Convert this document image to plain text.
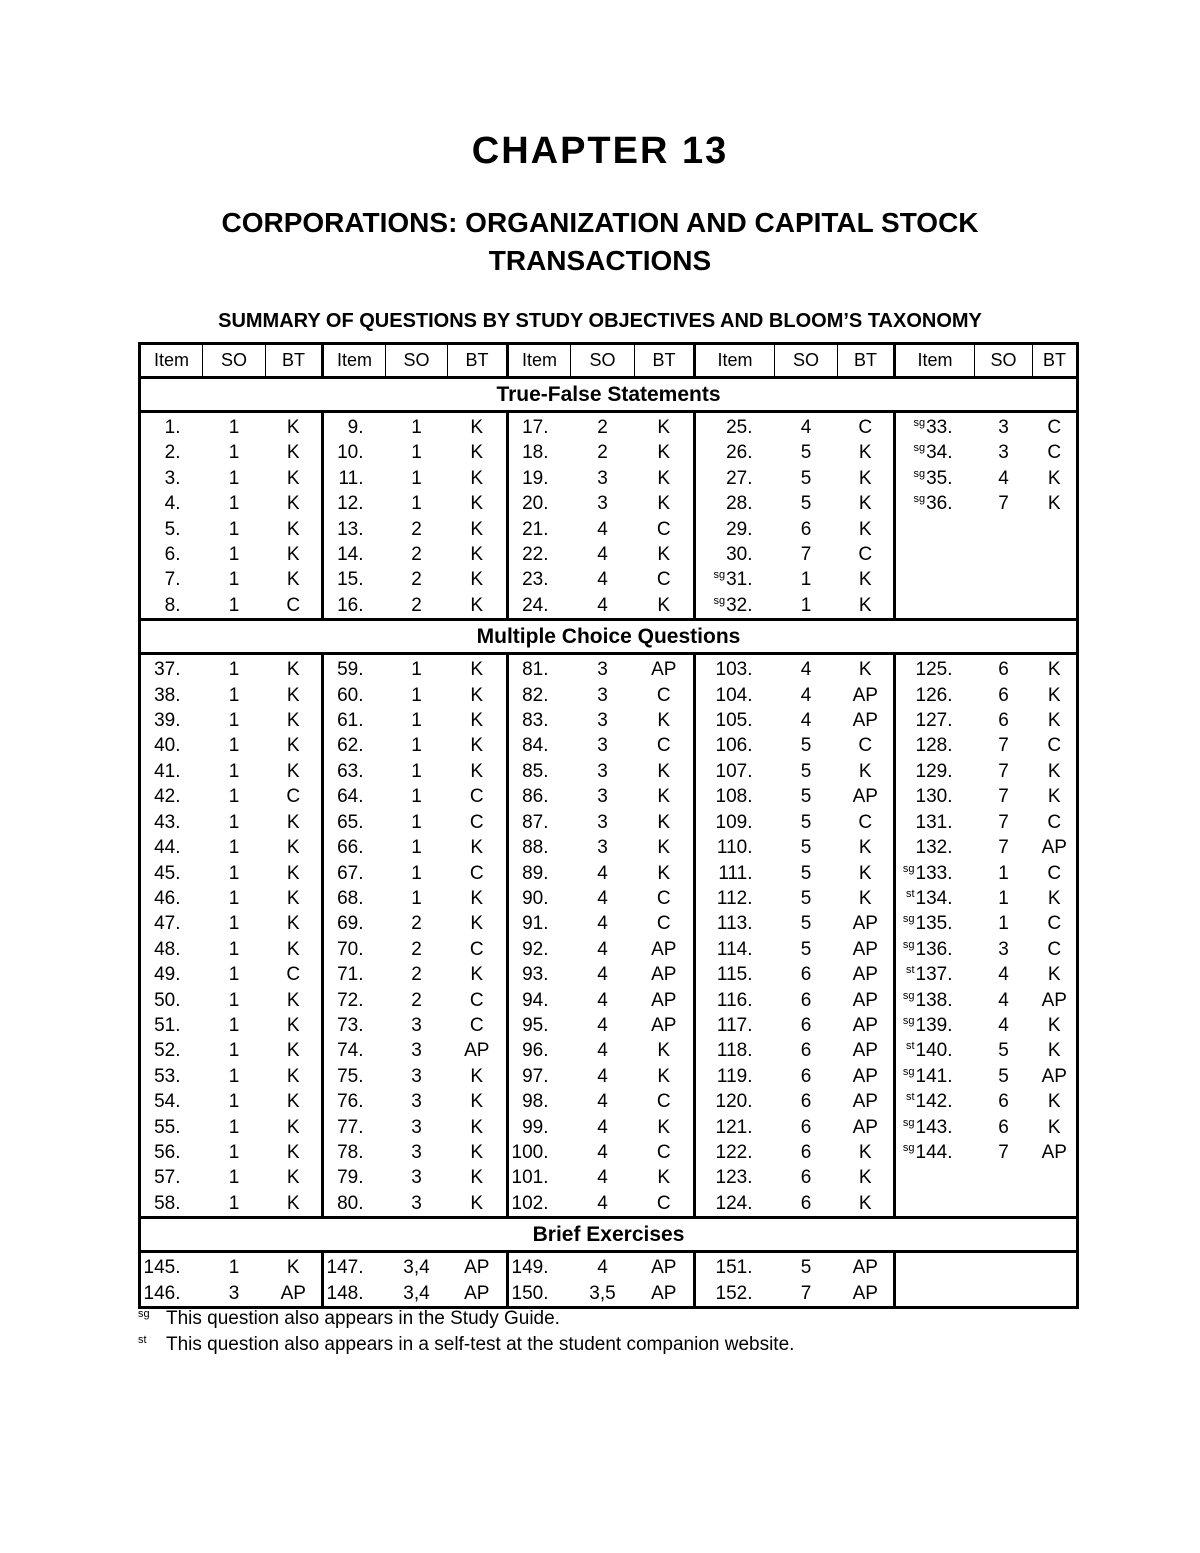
CHAPTER 13
CORPORATIONS: ORGANIZATION AND CAPITAL STOCK
TRANSACTIONS
SUMMARY OF QUESTIONS BY STUDY OBJECTIVES AND BLOOM’S TAXONOMY
Item	SO	BT	Item	SO	BT	Item	SO	BT	Item	SO	BT	Item	SO	BT
True-False Statements														
1.	1	K	9.	1	K	17.	2	K	25.	4	C	$^{sg}$33.	3	C
2.	1	K	10.	1	K	18.	2	K	26.	5	K	$^{sg}$34.	3	C
3.	1	K	11.	1	K	19.	3	K	27.	5	K	$^{sg}$35.	4	K
4.	1	K	12.	1	K	20.	3	K	28.	5	K	$^{sg}$36.	7	K
5.	1	K	13.	2	K	21.	4	C	29.	6	K			
6.	1	K	14.	2	K	22.	4	K	30.	7	C			
7.	1	K	15.	2	K	23.	4	C	$^{sg}$31.	1	K			
8.	1	C	16.	2	K	24.	4	K	$^{sg}$32.	1	K			
Multiple Choice Questions														
37.	1	K	59.	1	K	81.	3	AP	103.	4	K	125.	6	K
38.	1	K	60.	1	K	82.	3	C	104.	4	AP	126.	6	K
39.	1	K	61.	1	K	83.	3	K	105.	4	AP	127.	6	K
40.	1	K	62.	1	K	84.	3	C	106.	5	C	128.	7	C
41.	1	K	63.	1	K	85.	3	K	107.	5	K	129.	7	K
42.	1	C	64.	1	C	86.	3	K	108.	5	AP	130.	7	K
43.	1	K	65.	1	C	87.	3	K	109.	5	C	131.	7	C
44.	1	K	66.	1	K	88.	3	K	110.	5	K	132.	7	AP
45.	1	K	67.	1	C	89.	4	K	111.	5	K	$^{sg}$133.	1	C
46.	1	K	68.	1	K	90.	4	C	112.	5	K	$^{st}$134.	1	K
47.	1	K	69.	2	K	91.	4	C	113.	5	AP	$^{sg}$135.	1	C
48.	1	K	70.	2	C	92.	4	AP	114.	5	AP	$^{sg}$136.	3	C
49.	1	C	71.	2	K	93.	4	AP	115.	6	AP	$^{st}$137.	4	K
50.	1	K	72.	2	C	94.	4	AP	116.	6	AP	$^{sg}$138.	4	AP
51.	1	K	73.	3	C	95.	4	AP	117.	6	AP	$^{sg}$139.	4	K
52.	1	K	74.	3	AP	96.	4	K	118.	6	AP	$^{st}$140.	5	K
53.	1	K	75.	3	K	97.	4	K	119.	6	AP	$^{sg}$141.	5	AP
54.	1	K	76.	3	K	98.	4	C	120.	6	AP	$^{st}$142.	6	K
55.	1	K	77.	3	K	99.	4	K	121.	6	AP	$^{sg}$143.	6	K
56.	1	K	78.	3	K	100.	4	C	122.	6	K	$^{sg}$144.	7	AP
57.	1	K	79.	3	K	101.	4	K	123.	6	K			
58.	1	K	80.	3	K	102.	4	C	124.	6	K			
Brief Exercises														
145.	1	K	147.	3,4	AP	149.	4	AP	151.	5	AP			
146.	3	AP	148.	3,4	AP	150.	3,5	AP	152.	7	AP			
$^{sg}$ This question also appears in the Study Guide.
$^{st}$ This question also appears in a self-test at the student companion website.
